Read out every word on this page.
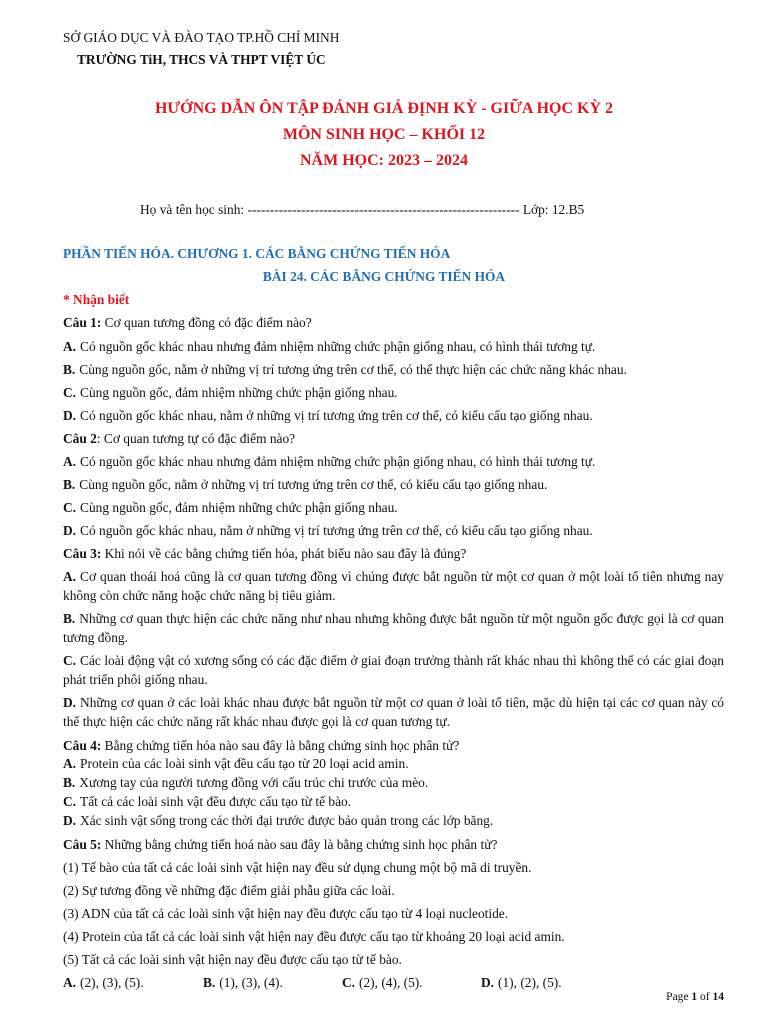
SỞ GIÁO DỤC VÀ ĐÀO TẠO TP.HỒ CHÍ MINH
TRƯỜNG TiH, THCS VÀ THPT VIỆT ÚC
HƯỚNG DẪN ÔN TẬP ĐÁNH GIÁ ĐỊNH KỲ - GIỮA HỌC KỲ 2
MÔN SINH HỌC – KHỐI 12
NĂM HỌC: 2023 – 2024
Họ và tên học sinh: ------------------------------------------------------------- Lớp: 12.B5
PHẦN TIẾN HÓA. CHƯƠNG 1. CÁC BẰNG CHỨNG TIẾN HÓA
BÀI 24. CÁC BẰNG CHỨNG TIẾN HÓA
* Nhận biết
Câu 1: Cơ quan tương đồng có đặc điểm nào?
A. Có nguồn gốc khác nhau nhưng đảm nhiệm những chức phận giống nhau, có hình thái tương tự.
B. Cùng nguồn gốc, nằm ở những vị trí tương ứng trên cơ thể, có thể thực hiện các chức năng khác nhau.
C. Cùng nguồn gốc, đảm nhiệm những chức phận giống nhau.
D. Có nguồn gốc khác nhau, nằm ở những vị trí tương ứng trên cơ thể, có kiểu cấu tạo giống nhau.
Câu 2: Cơ quan tương tự có đặc điểm nào?
A. Có nguồn gốc khác nhau nhưng đảm nhiệm những chức phận giống nhau, có hình thái tương tự.
B. Cùng nguồn gốc, nằm ở những vị trí tương ứng trên cơ thể, có kiểu cấu tạo giống nhau.
C. Cùng nguồn gốc, đảm nhiệm những chức phận giống nhau.
D. Có nguồn gốc khác nhau, nằm ở những vị trí tương ứng trên cơ thể, có kiểu cấu tạo giống nhau.
Câu 3: Khi nói về các bằng chứng tiến hóa, phát biểu nào sau đây là đúng?
A. Cơ quan thoái hoá cũng là cơ quan tương đồng vì chúng được bắt nguồn từ một cơ quan ở một loài tổ tiên nhưng nay không còn chức năng hoặc chức năng bị tiêu giảm.
B. Những cơ quan thực hiện các chức năng như nhau nhưng không được bắt nguồn từ một nguồn gốc được gọi là cơ quan tương đồng.
C. Các loài động vật có xương sống có các đặc điểm ở giai đoạn trưởng thành rất khác nhau thì không thể có các giai đoạn phát triển phôi giống nhau.
D. Những cơ quan ở các loài khác nhau được bắt nguồn từ một cơ quan ở loài tổ tiên, mặc dù hiện tại các cơ quan này có thể thực hiện các chức năng rất khác nhau được gọi là cơ quan tương tự.
Câu 4: Bằng chứng tiến hóa nào sau đây là bằng chứng sinh học phân tử?
A. Protein của các loài sinh vật đều cấu tạo từ 20 loại acid amin.
B. Xương tay của người tương đồng với cấu trúc chi trước của mèo.
C. Tất cả các loài sinh vật đều được cấu tạo từ tế bào.
D. Xác sinh vật sống trong các thời đại trước được bảo quản trong các lớp băng.
Câu 5: Những bằng chứng tiến hoá nào sau đây là bằng chứng sinh học phân tử?
(1) Tế bào của tất cả các loài sinh vật hiện nay đều sử dụng chung một bộ mã di truyền.
(2) Sự tương đồng về những đặc điểm giải phẫu giữa các loài.
(3) ADN của tất cả các loài sinh vật hiện nay đều được cấu tạo từ 4 loại nucleotide.
(4) Protein của tất cả các loài sinh vật hiện nay đều được cấu tạo từ khoảng 20 loại acid amin.
(5) Tất cả các loài sinh vật hiện nay đều được cấu tạo từ tế bào.
A. (2), (3), (5).	B. (1), (3), (4).	C. (2), (4), (5).	D. (1), (2), (5).
Page 1 of 14
